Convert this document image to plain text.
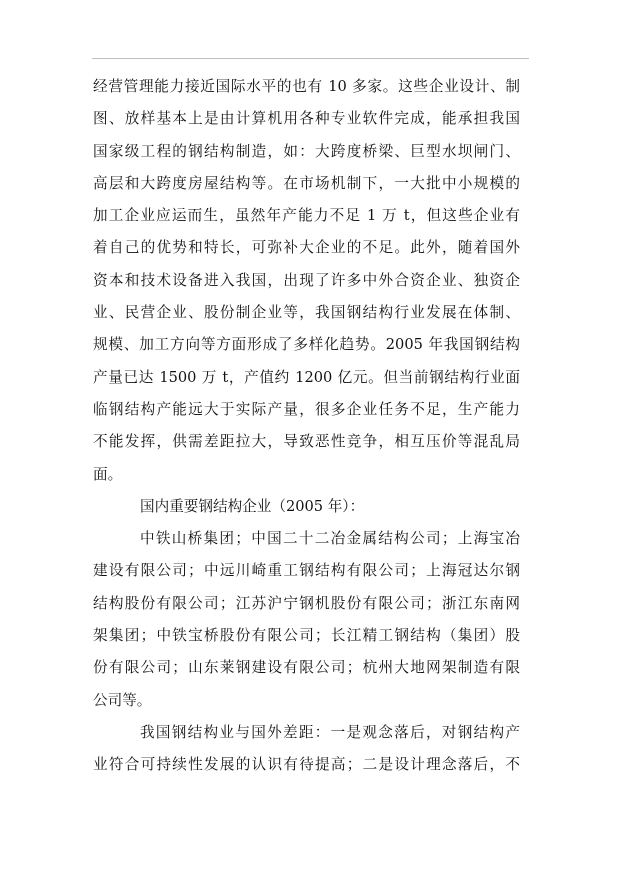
经营管理能力接近国际水平的也有 10 多家。这些企业设计、制
图、放样基本上是由计算机用各种专业软件完成，能承担我国
国家级工程的钢结构制造，如：大跨度桥梁、巨型水坝闸门、
高层和大跨度房屋结构等。在市场机制下，一大批中小规模的
加工企业应运而生，虽然年产能力不足 1 万 t，但这些企业有
着自己的优势和特长，可弥补大企业的不足。此外，随着国外
资本和技术设备进入我国，出现了许多中外合资企业、独资企
业、民营企业、股份制企业等，我国钢结构行业发展在体制、
规模、加工方向等方面形成了多样化趋势。2005 年我国钢结构
产量已达 1500 万 t，产值约 1200 亿元。但当前钢结构行业面
临钢结构产能远大于实际产量，很多企业任务不足，生产能力
不能发挥，供需差距拉大，导致恶性竞争，相互压价等混乱局
面。
国内重要钢结构企业（2005 年）：
中铁山桥集团；中国二十二冶金属结构公司；上海宝冶
建设有限公司；中远川崎重工钢结构有限公司；上海冠达尔钢
结构股份有限公司；江苏沪宁钢机股份有限公司；浙江东南网
架集团；中铁宝桥股份有限公司；长江精工钢结构（集团）股
份有限公司；山东莱钢建设有限公司；杭州大地网架制造有限
公司等。
我国钢结构业与国外差距：一是观念落后，对钢结构产
业符合可持续性发展的认识有待提高；二是设计理念落后，不
